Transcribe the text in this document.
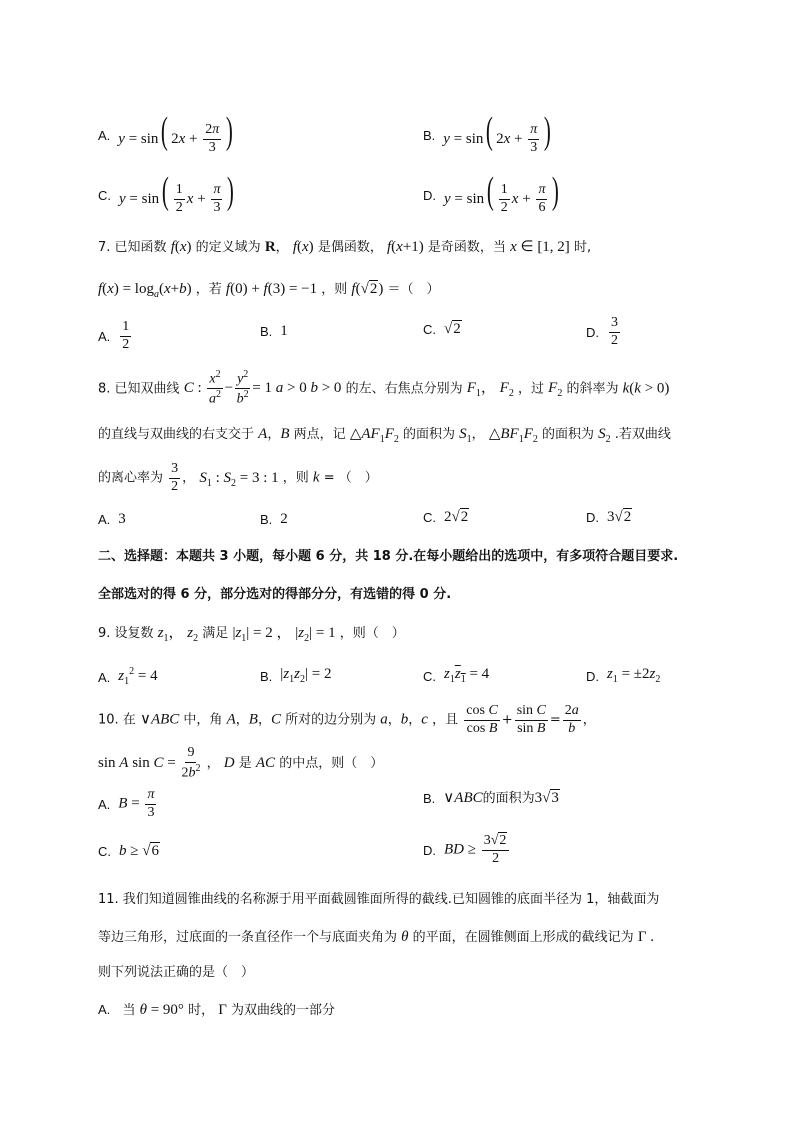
A. y = sin( $2x + \frac{2\pi}{3}$ )	B. y = sin( $2x + \frac{\pi}{3}$ )
C. $y = \sin( \frac{1}{2}$ $x + \frac{\pi}{3}$ )	D. $y = \sin( \frac{1}{2}$ $x + \frac{\pi}{6}$ )
7. 已知函数 f(x) 的定义域为 R， f(x) 是偶函数， f(x+1) 是奇函数，当 x ∈ [1, 2] 时,
$f(x) = \log_a(x+b)$ ，若 f(0) + f(3) = −1 ，则 f(√2) ＝（　）
A. $\frac{1}{2}$	B. 1	C. √2	D. $\frac{3}{2}$
8. 已知双曲线 C : $\frac{x^2}{a^2} - \frac{y^2}{b^2} = 1$ a > 0 b > 0 的左、右焦点分别为 $F_1$， $F_2$ ，过 $F_2$ 的斜率为 k(k > 0)
的直线与双曲线的右支交于 A，B 两点，记 $\triangle AF_1F_2$ 的面积为 $S_1$， $\triangle BF_1F_2$ 的面积为 $S_2$ .若双曲线
的离心率为 $\frac{3}{2}$ ， $S_1$ : $S_2 = 3$ : 1 ，则 k = （　）
A. 3	B. 2	C. 2√2	D. 3√2
二、选择题：本题共 3 小题，每小题 6 分，共 18 分.在每小题给出的选项中，有多项符合题目要求.
全部选对的得 6 分，部分选对的得部分分，有选错的得 0 分.
9. 设复数 $z_1$， $z_2$ 满足 $|z_1| = 2$ ， $|z_2| = 1$ ，则（　）
A. $z_1^2 = 4$	B. $|z_1z_2| = 2$	C. $z_1z_1 = 4$	D. $z_1 = \pm 2z_2$
10. 在 ∨ABC 中，角 A，B，C 所对的边分别为 a，b，c ，且 $\frac{\text{cos C}}{\text{cos B}} + \frac{\text{sin C}}{\text{sin B}} = \frac{2a}{b}$ ，
sin A $\sin C = \frac{9}{2b^2}$ ， D 是 AC 的中点，则（　）
A. $B = \frac{\pi}{3}$	B. ∨ABC 的面积为 3√3
C. b ≥ √6	D. BD ≥ $\frac{3√2}{2}$
11. 我们知道圆锥曲线的名称源于用平面截圆锥面所得的截线.已知圆锥的底面半径为 1，轴截面为
等边三角形，过底面的一条直径作一个与底面夹角为 θ 的平面，在圆锥侧面上形成的截线记为 Γ .
则下列说法正确的是（　）
A. 当 θ = 90° 时， Γ 为双曲线的一部分
